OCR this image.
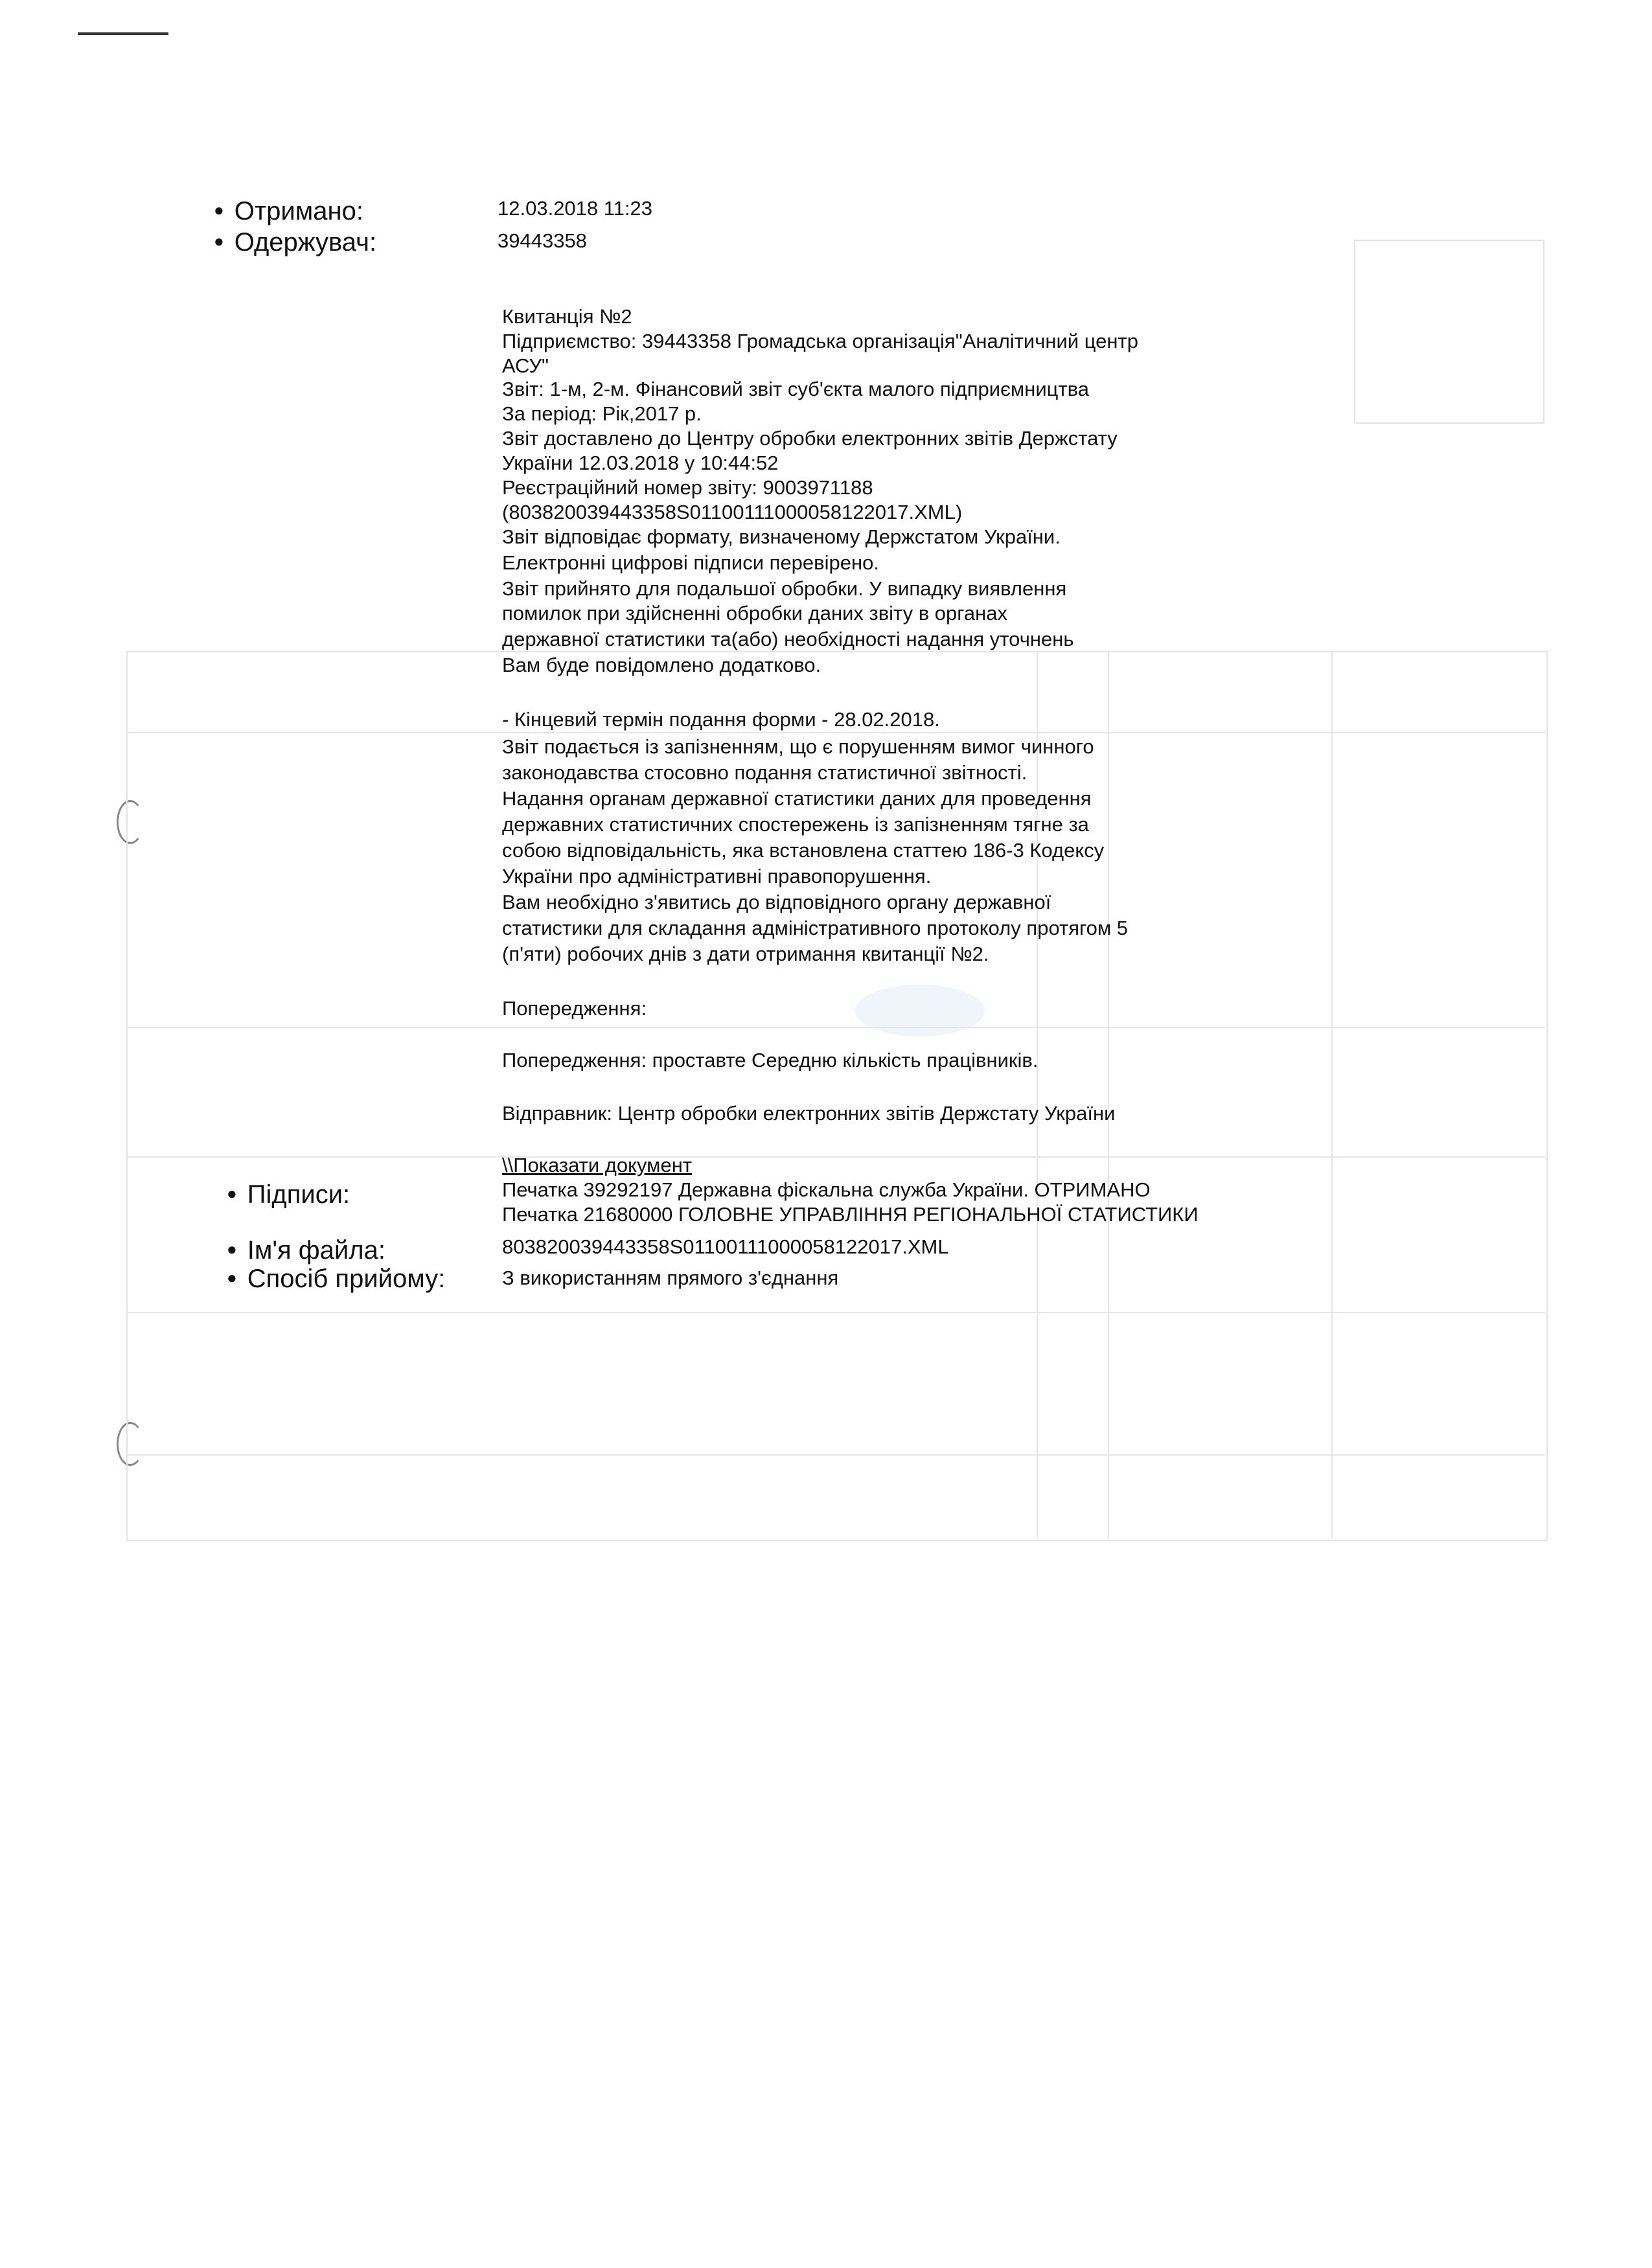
● Отримано:	12.03.2018 11:23
● Одержувач:	39443358
Квитанція №2
Підприємство: 39443358 Громадська організація"Аналітичний центр
АСУ"
Звіт: 1-м, 2-м. Фінансовий звіт суб'єкта малого підприємництва
За період: Рік,2017 р.
Звіт доставлено до Центру обробки електронних звітів Держстату
України 12.03.2018 у 10:44:52
Реєстраційний номер звіту: 9003971188
(803820039443358S01100111000058122017.XML)
Звіт відповідає формату, визначеному Держстатом України.
Електронні цифрові підписи перевірено.
Звіт прийнято для подальшої обробки. У випадку виявлення
помилок при здійсненні обробки даних звіту в органах
державної статистики та(або) необхідності надання уточнень
Вам буде повідомлено додатково.
- Кінцевий термін подання форми - 28.02.2018.
Звіт подається із запізненням, що є порушенням вимог чинного
законодавства стосовно подання статистичної звітності.
Надання органам державної статистики даних для проведення
державних статистичних спостережень із запізненням тягне за
собою відповідальність, яка встановлена статтею 186-3 Кодексу
України про адміністративні правопорушення.
Вам необхідно з'явитись до відповідного органу державної
статистики для складання адміністративного протоколу протягом 5
(п'яти) робочих днів з дати отримання квитанції №2.
Попередження:
Попередження: проставте Середню кількість працівників.
Відправник: Центр обробки електронних звітів Держстату України
\\Показати документ
● Підписи:	Печатка 39292197 Державна фіскальна служба України. ОТРИМАНО
Печатка 21680000 ГОЛОВНЕ УПРАВЛІННЯ РЕГІОНАЛЬНОЇ СТАТИСТИКИ
● Ім'я файла:	803820039443358S01100111000058122017.XML
● Спосіб прийому:	З використанням прямого з'єднання
